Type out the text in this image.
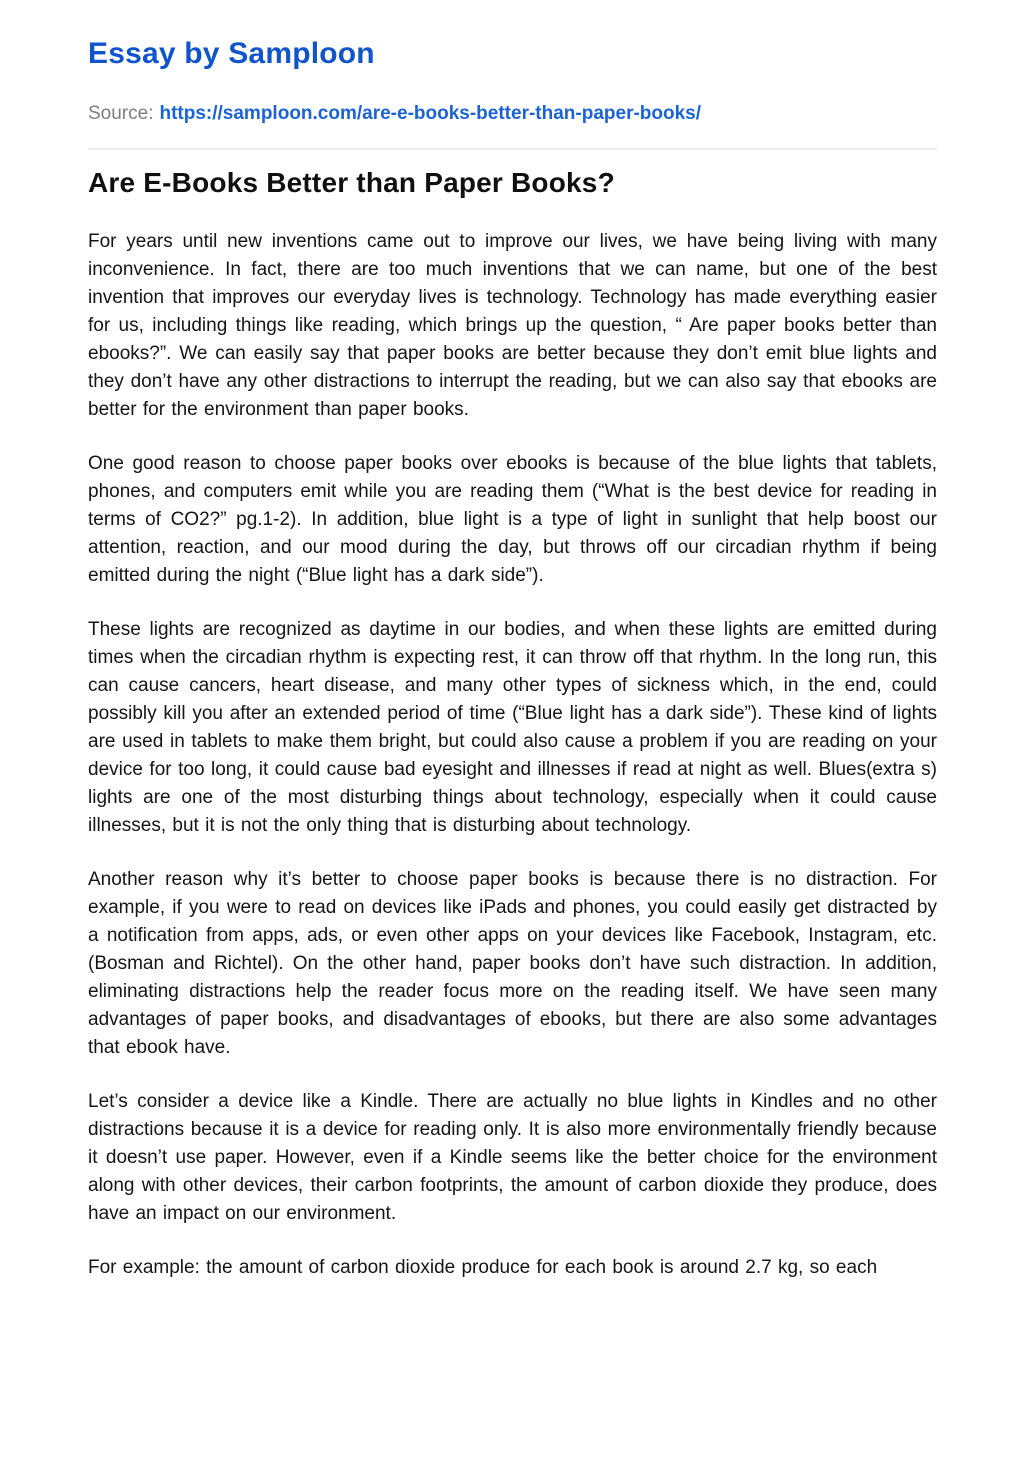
Essay by Samploon
Source: https://samploon.com/are-e-books-better-than-paper-books/
Are E-Books Better than Paper Books?

For years until new inventions came out to improve our lives, we have being living with many inconvenience. In fact, there are too much inventions that we can name, but one of the best invention that improves our everyday lives is technology. Technology has made everything easier for us, including things like reading, which brings up the question, “ Are paper books better than ebooks?”. We can easily say that paper books are better because they don’t emit blue lights and they don’t have any other distractions to interrupt the reading, but we can also say that ebooks are better for the environment than paper books.

One good reason to choose paper books over ebooks is because of the blue lights that tablets, phones, and computers emit while you are reading them (“What is the best device for reading in terms of CO2?” pg.1-2). In addition, blue light is a type of light in sunlight that help boost our attention, reaction, and our mood during the day, but throws off our circadian rhythm if being emitted during the night (“Blue light has a dark side”).

These lights are recognized as daytime in our bodies, and when these lights are emitted during times when the circadian rhythm is expecting rest, it can throw off that rhythm. In the long run, this can cause cancers, heart disease, and many other types of sickness which, in the end, could possibly kill you after an extended period of time (“Blue light has a dark side”). These kind of lights are used in tablets to make them bright, but could also cause a problem if you are reading on your device for too long, it could cause bad eyesight and illnesses if read at night as well. Blues(extra s) lights are one of the most disturbing things about technology, especially when it could cause illnesses, but it is not the only thing that is disturbing about technology.

Another reason why it’s better to choose paper books is because there is no distraction. For example, if you were to read on devices like iPads and phones, you could easily get distracted by a notification from apps, ads, or even other apps on your devices like Facebook, Instagram, etc. (Bosman and Richtel). On the other hand, paper books don’t have such distraction. In addition, eliminating distractions help the reader focus more on the reading itself. We have seen many advantages of paper books, and disadvantages of ebooks, but there are also some advantages that ebook have.

Let’s consider a device like a Kindle. There are actually no blue lights in Kindles and no other distractions because it is a device for reading only. It is also more environmentally friendly because it doesn’t use paper. However, even if a Kindle seems like the better choice for the environment along with other devices, their carbon footprints, the amount of carbon dioxide they produce, does have an impact on our environment.

For example: the amount of carbon dioxide produce for each book is around 2.7 kg, so each
